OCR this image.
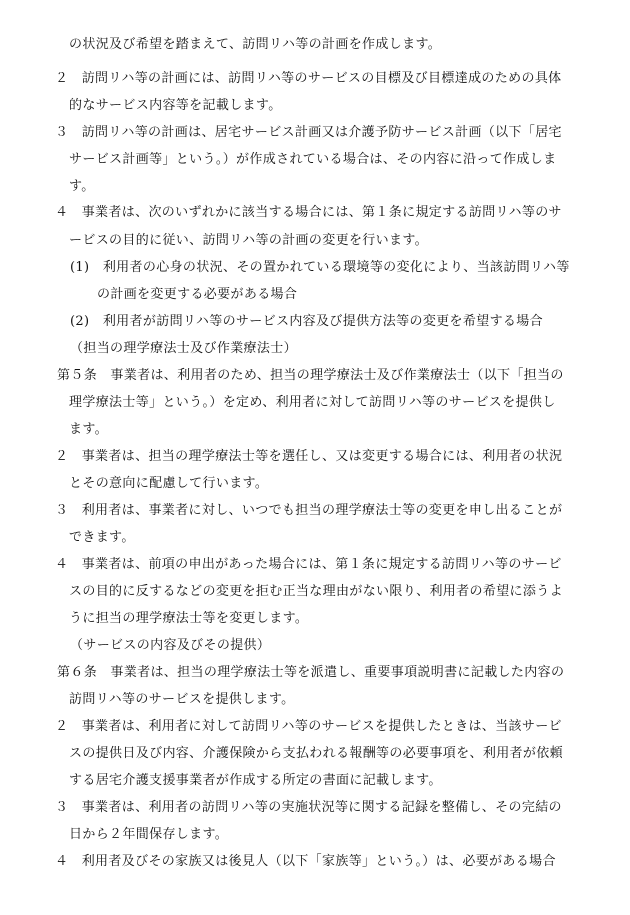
の状況及び希望を踏まえて、訪問リハ等の計画を作成します。
２　訪問リハ等の計画には、訪問リハ等のサービスの目標及び目標達成のための具体
的なサービス内容等を記載します。
３　訪問リハ等の計画は、居宅サービス計画又は介護予防サービス計画（以下「居宅
サービス計画等」という。）が作成されている場合は、その内容に沿って作成しま
す。
４　事業者は、次のいずれかに該当する場合には、第１条に規定する訪問リハ等のサ
ービスの目的に従い、訪問リハ等の計画の変更を行います。
(1)　利用者の心身の状況、その置かれている環境等の変化により、当該訪問リハ等
の計画を変更する必要がある場合
(2)　利用者が訪問リハ等のサービス内容及び提供方法等の変更を希望する場合
（担当の理学療法士及び作業療法士）
第５条　事業者は、利用者のため、担当の理学療法士及び作業療法士（以下「担当の
理学療法士等」という。）を定め、利用者に対して訪問リハ等のサービスを提供し
ます。
２　事業者は、担当の理学療法士等を選任し、又は変更する場合には、利用者の状況
とその意向に配慮して行います。
３　利用者は、事業者に対し、いつでも担当の理学療法士等の変更を申し出ることが
できます。
４　事業者は、前項の申出があった場合には、第１条に規定する訪問リハ等のサービ
スの目的に反するなどの変更を拒む正当な理由がない限り、利用者の希望に添うよ
うに担当の理学療法士等を変更します。
（サービスの内容及びその提供）
第６条　事業者は、担当の理学療法士等を派遣し、重要事項説明書に記載した内容の
訪問リハ等のサービスを提供します。
２　事業者は、利用者に対して訪問リハ等のサービスを提供したときは、当該サービ
スの提供日及び内容、介護保険から支払われる報酬等の必要事項を、利用者が依頼
する居宅介護支援事業者が作成する所定の書面に記載します。
３　事業者は、利用者の訪問リハ等の実施状況等に関する記録を整備し、その完結の
日から２年間保存します。
４　利用者及びその家族又は後見人（以下「家族等」という。）は、必要がある場合
